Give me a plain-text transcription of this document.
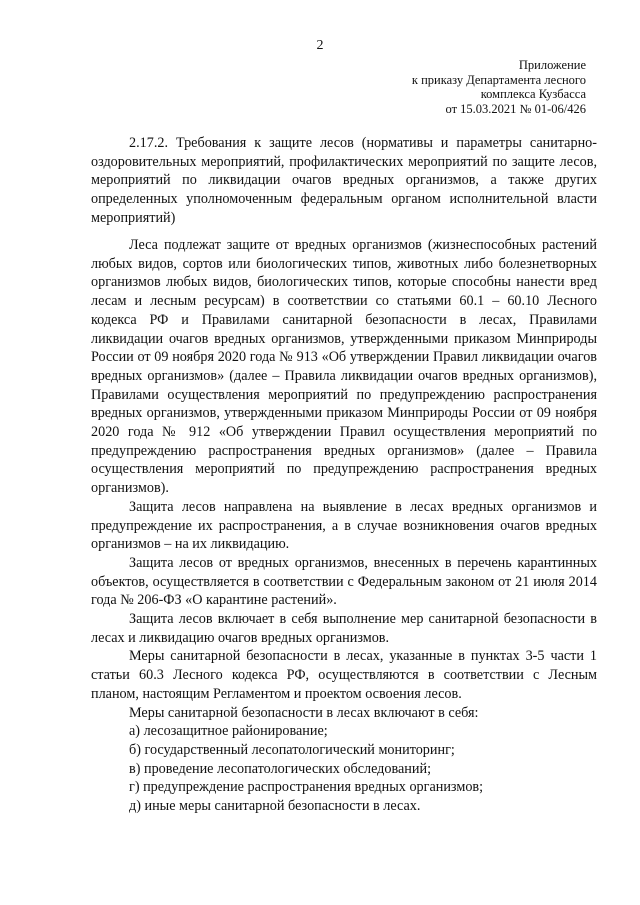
2
Приложение
к приказу Департамента лесного
комплекса Кузбасса
от 15.03.2021 № 01-06/426

2.17.2. Требования к защите лесов (нормативы и параметры санитарно-оздоровительных мероприятий, профилактических мероприятий по защите лесов, мероприятий по ликвидации очагов вредных организмов, а также других определенных уполномоченным федеральным органом исполнительной власти мероприятий)

Леса подлежат защите от вредных организмов (жизнеспособных растений любых видов, сортов или биологических типов, животных либо болезнетворных организмов любых видов, биологических типов, которые способны нанести вред лесам и лесным ресурсам) в соответствии со статьями 60.1 – 60.10 Лесного кодекса РФ и Правилами санитарной безопасности в лесах, Правилами ликвидации очагов вредных организмов, утвержденными приказом Минприроды России от 09 ноября 2020 года № 913 «Об утверждении Правил ликвидации очагов вредных организмов» (далее – Правила ликвидации очагов вредных организмов), Правилами осуществления мероприятий по предупреждению распространения вредных организмов, утвержденными приказом Минприроды России от 09 ноября 2020 года № 912 «Об утверждении Правил осуществления мероприятий по предупреждению распространения вредных организмов» (далее – Правила осуществления мероприятий по предупреждению распространения вредных организмов).

Защита лесов направлена на выявление в лесах вредных организмов и предупреждение их распространения, а в случае возникновения очагов вредных организмов – на их ликвидацию.

Защита лесов от вредных организмов, внесенных в перечень карантинных объектов, осуществляется в соответствии с Федеральным законом от 21 июля 2014 года № 206-ФЗ «О карантине растений».

Защита лесов включает в себя выполнение мер санитарной безопасности в лесах и ликвидацию очагов вредных организмов.

Меры санитарной безопасности в лесах, указанные в пунктах 3-5 части 1 статьи 60.3 Лесного кодекса РФ, осуществляются в соответствии с Лесным планом, настоящим Регламентом и проектом освоения лесов.

Меры санитарной безопасности в лесах включают в себя:

а) лесозащитное районирование;

б) государственный лесопатологический мониторинг;

в) проведение лесопатологических обследований;

г) предупреждение распространения вредных организмов;

д) иные меры санитарной безопасности в лесах.
